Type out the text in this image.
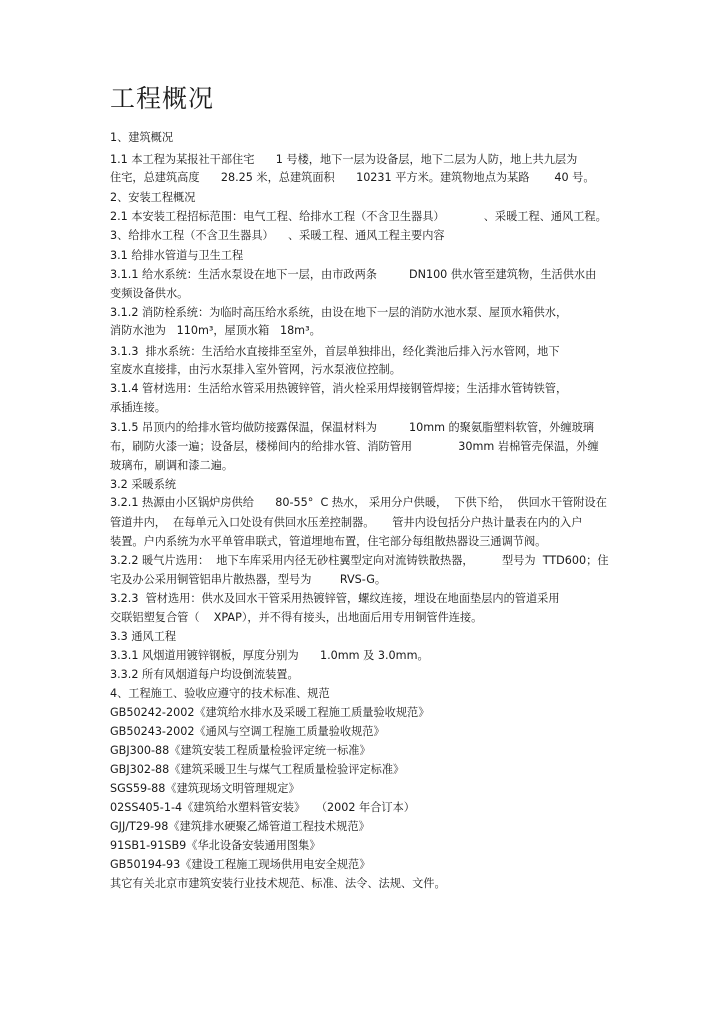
工程概况
1、建筑概况
1.1 本工程为某报社干部住宅      1 号楼，地下一层为设备层，地下二层为人防，地上共九层为
住宅，总建筑高度      28.25 米，总建筑面积      10231 平方米。建筑物地点为某路       40 号。
2、安装工程概况
2.1 本安装工程招标范围：电气工程、给排水工程（不含卫生器具）           、采暖工程、通风工程。
3、给排水工程（不含卫生器具）    、采暖工程、通风工程主要内容
3.1 给排水管道与卫生工程
3.1.1 给水系统：生活水泵设在地下一层，由市政两条         DN100 供水管至建筑物，生活供水由
变频设备供水。
3.1.2 消防栓系统：为临时高压给水系统，由设在地下一层的消防水池水泵、屋顶水箱供水，
消防水池为   110m³，屋顶水箱   18m³。
3.1.3  排水系统：生活给水直接排至室外，首层单独排出，经化粪池后排入污水管网，地下
室废水直接排，由污水泵排入室外管网，污水泵液位控制。
3.1.4 管材选用：生活给水管采用热镀锌管，消火栓采用焊接钢管焊接；生活排水管铸铁管，
承插连接。
3.1.5 吊顶内的给排水管均做防接露保温，保温材料为         10mm 的聚氨脂塑料软管，外缠玻璃
布，刷防火漆一遍；设备层，楼梯间内的给排水管、消防管用             30mm 岩棉管壳保温，外缠
玻璃布，刷调和漆二遍。
3.2 采暖系统
3.2.1 热源由小区锅炉房供给      80-55°  C 热水， 采用分户供暖，  下供下给，  供回水干管附设在
管道井内，  在每单元入口处设有供回水压差控制器。     管井内设包括分户热计量表在内的入户
装置。户内系统为水平单管串联式，管道埋地布置，住宅部分每组散热器设三通调节阀。
3.2.2 暖气片选用：  地下车库采用内径无砂柱翼型定向对流铸铁散热器，        型号为  TTD600；住
宅及办公采用铜管铝串片散热器，型号为        RVS-G。
3.2.3  管材选用：供水及回水干管采用热镀锌管，螺纹连接，埋设在地面垫层内的管道采用
交联铝塑复合管（    XPAP），并不得有接头，出地面后用专用铜管件连接。
3.3 通风工程
3.3.1 风烟道用镀锌钢板，厚度分别为      1.0mm 及 3.0mm。
3.3.2 所有风烟道每户均设倒流装置。
4、工程施工、验收应遵守的技术标准、规范
GB50242-2002《建筑给水排水及采暖工程施工质量验收规范》
GB50243-2002《通风与空调工程施工质量验收规范》
GBJ300-88《建筑安装工程质量检验评定统一标准》
GBJ302-88《建筑采暖卫生与煤气工程质量检验评定标准》
SGS59-88《建筑现场文明管理规定》
02SS405-1-4《建筑给水塑料管安装》   （2002 年合订本）
GJJ/T29-98《建筑排水硬聚乙烯管道工程技术规范》
91SB1-91SB9《华北设备安装通用图集》
GB50194-93《建设工程施工现场供用电安全规范》
其它有关北京市建筑安装行业技术规范、标准、法令、法规、文件。
